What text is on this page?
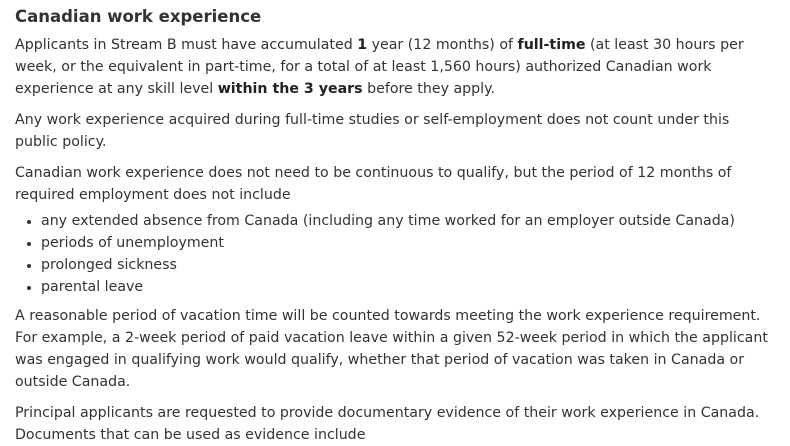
Canadian work experience

Applicants in Stream B must have accumulated 1 year (12 months) of full-time (at least 30 hours per week, or the equivalent in part-time, for a total of at least 1,560 hours) authorized Canadian work experience at any skill level within the 3 years before they apply.

Any work experience acquired during full-time studies or self-employment does not count under this public policy.

Canadian work experience does not need to be continuous to qualify, but the period of 12 months of required employment does not include

• any extended absence from Canada (including any time worked for an employer outside Canada)
• periods of unemployment
• prolonged sickness
• parental leave

A reasonable period of vacation time will be counted towards meeting the work experience requirement. For example, a 2-week period of paid vacation leave within a given 52-week period in which the applicant was engaged in qualifying work would qualify, whether that period of vacation was taken in Canada or outside Canada.

Principal applicants are requested to provide documentary evidence of their work experience in Canada. Documents that can be used as evidence include
